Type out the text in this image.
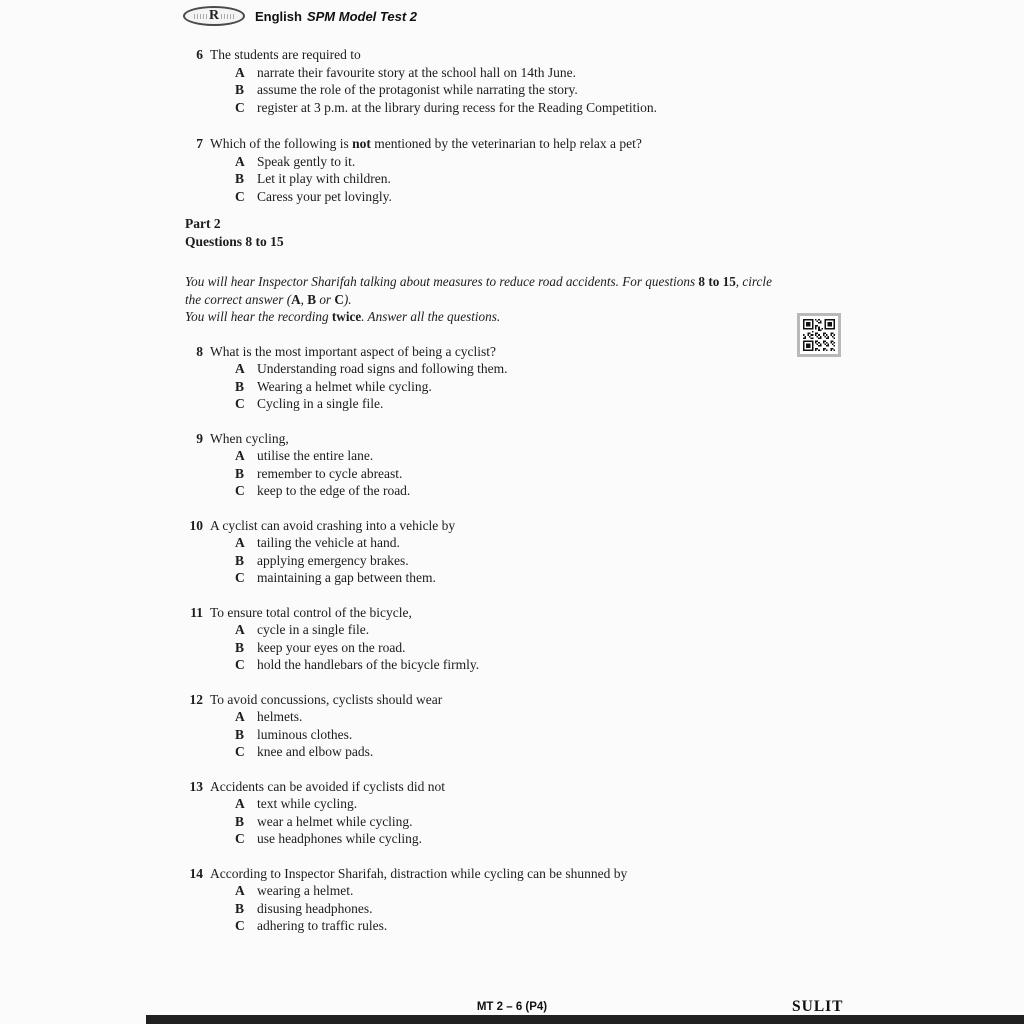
R	English SPM Model Test 2
6 The students are required to
A narrate their favourite story at the school hall on 14th June.
B assume the role of the protagonist while narrating the story.
C register at 3 p.m. at the library during recess for the Reading Competition.
7 Which of the following is not mentioned by the veterinarian to help relax a pet?
A Speak gently to it.
B Let it play with children.
C Caress your pet lovingly.
Part 2
Questions 8 to 15
You will hear Inspector Sharifah talking about measures to reduce road accidents. For questions 8 to 15, circle
the correct answer (A, B or C).
You will hear the recording twice. Answer all the questions.
8 What is the most important aspect of being a cyclist?
A Understanding road signs and following them.
B Wearing a helmet while cycling.
C Cycling in a single file.
9 When cycling,
A utilise the entire lane.
B remember to cycle abreast.
C keep to the edge of the road.
10 A cyclist can avoid crashing into a vehicle by
A tailing the vehicle at hand.
B applying emergency brakes.
C maintaining a gap between them.
11 To ensure total control of the bicycle,
A cycle in a single file.
B keep your eyes on the road.
C hold the handlebars of the bicycle firmly.
12 To avoid concussions, cyclists should wear
A helmets.
B luminous clothes.
C knee and elbow pads.
13 Accidents can be avoided if cyclists did not
A text while cycling.
B wear a helmet while cycling.
C use headphones while cycling.
14 According to Inspector Sharifah, distraction while cycling can be shunned by
A wearing a helmet.
B disusing headphones.
C adhering to traffic rules.
MT 2 – 6 (P4)	SULIT
